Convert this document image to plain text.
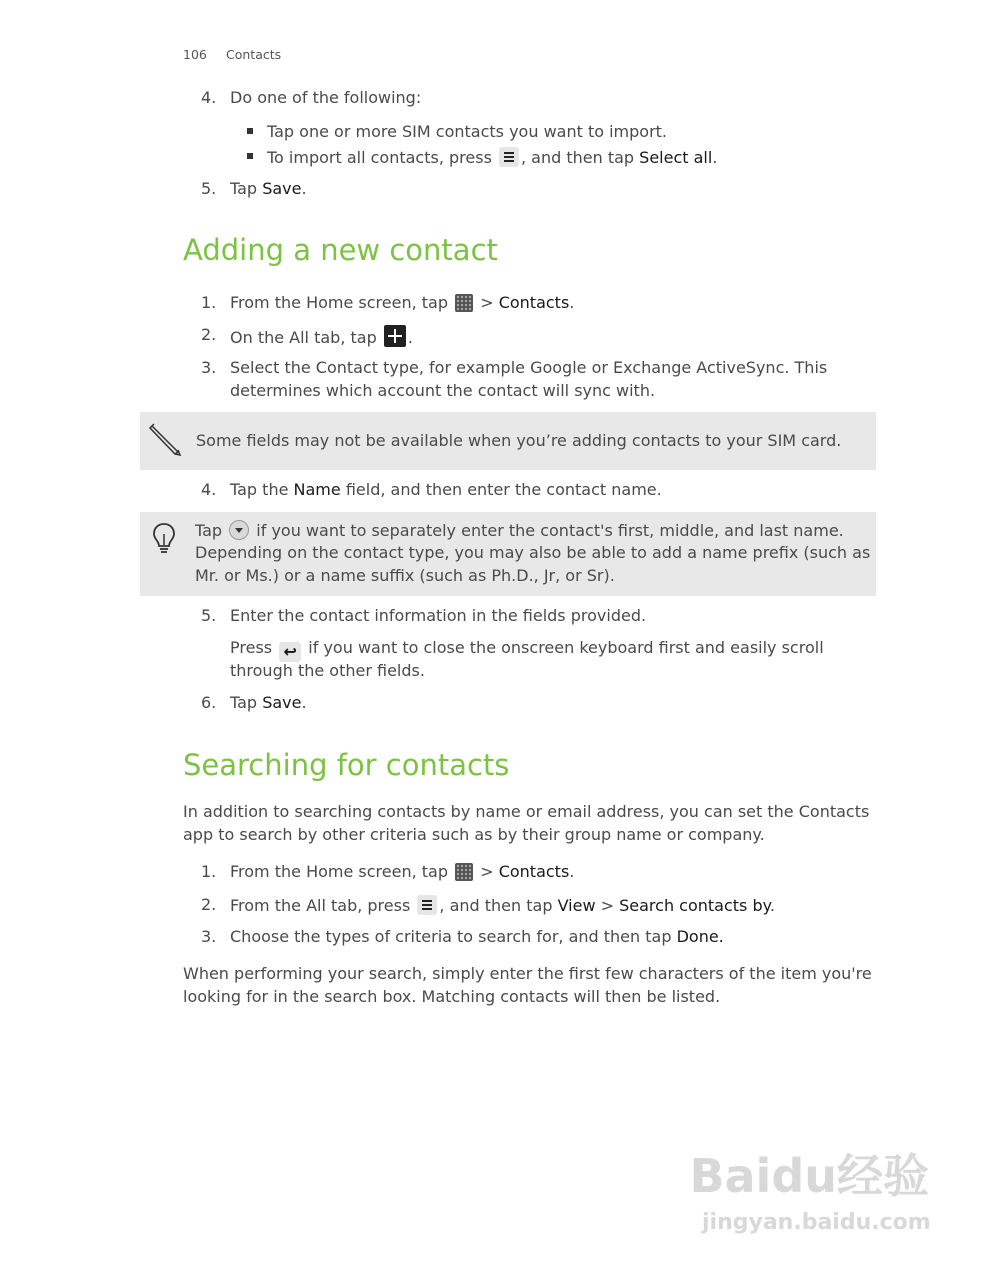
106 Contacts
4. Do one of the following:
Tap one or more SIM contacts you want to import.
To import all contacts, press , and then tap Select all.
5. Tap Save.
Adding a new contact
1. From the Home screen, tap > Contacts.
2. On the All tab, tap .
3. Select the Contact type, for example Google or Exchange ActiveSync. This
determines which account the contact will sync with.
Some fields may not be available when you’re adding contacts to your SIM card.
4. Tap the Name field, and then enter the contact name.
Tap if you want to separately enter the contact's first, middle, and last name.
Depending on the contact type, you may also be able to add a name prefix (such as
Mr. or Ms.) or a name suffix (such as Ph.D., Jr, or Sr).
5. Enter the contact information in the fields provided.
Press ↩ if you want to close the onscreen keyboard first and easily scroll
through the other fields.
6. Tap Save.
Searching for contacts
In addition to searching contacts by name or email address, you can set the Contacts
app to search by other criteria such as by their group name or company.
1. From the Home screen, tap > Contacts.
2. From the All tab, press , and then tap View > Search contacts by.
3. Choose the types of criteria to search for, and then tap Done.
When performing your search, simply enter the first few characters of the item you're
looking for in the search box. Matching contacts will then be listed.
Baidu经验
jingyan.baidu.com
